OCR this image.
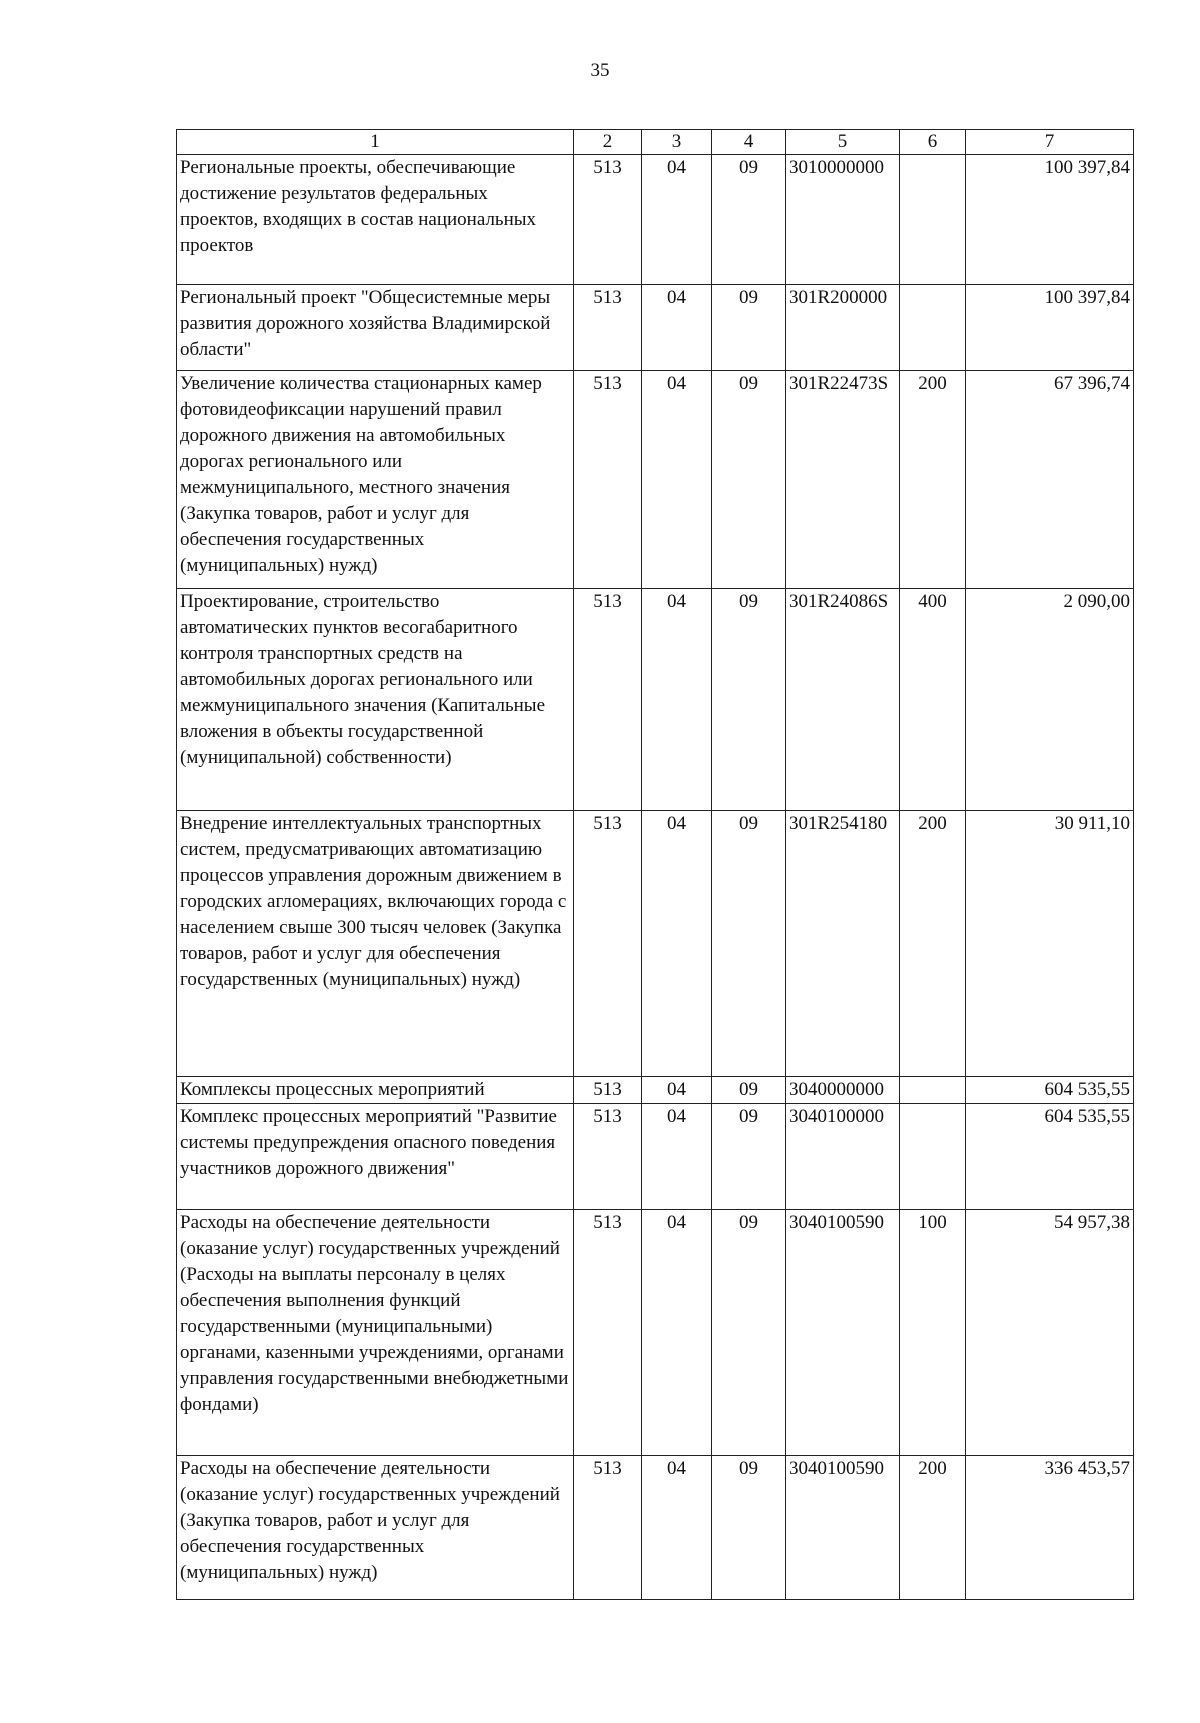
35
1	2	3	4	5	6	7
Региональные проекты, обеспечивающие достижение результатов федеральных проектов, входящих в состав национальных проектов	513	04	09	3010000000		100 397,84
Региональный проект "Общесистемные меры развития дорожного хозяйства Владимирской области"	513	04	09	301R200000		100 397,84
Увеличение количества стационарных камер фотовидеофиксации нарушений правил дорожного движения на автомобильных дорогах регионального или межмуниципального, местного значения (Закупка товаров, работ и услуг для обеспечения государственных (муниципальных) нужд)	513	04	09	301R22473S	200	67 396,74
Проектирование, строительство автоматических пунктов весогабаритного контроля транспортных средств на автомобильных дорогах регионального или межмуниципального значения (Капитальные вложения в объекты государственной (муниципальной) собственности)	513	04	09	301R24086S	400	2 090,00
Внедрение интеллектуальных транспортных систем, предусматривающих автоматизацию процессов управления дорожным движением в городских агломерациях, включающих города с населением свыше 300 тысяч человек (Закупка товаров, работ и услуг для обеспечения государственных (муниципальных) нужд)	513	04	09	301R254180	200	30 911,10
Комплексы процессных мероприятий	513	04	09	3040000000		604 535,55
Комплекс процессных мероприятий "Развитие системы предупреждения опасного поведения участников дорожного движения"	513	04	09	3040100000		604 535,55
Расходы на обеспечение деятельности (оказание услуг) государственных учреждений (Расходы на выплаты персоналу в целях обеспечения выполнения функций государственными (муниципальными) органами, казенными учреждениями, органами управления государственными внебюджетными фондами)	513	04	09	3040100590	100	54 957,38
Расходы на обеспечение деятельности (оказание услуг) государственных учреждений (Закупка товаров, работ и услуг для обеспечения государственных (муниципальных) нужд)	513	04	09	3040100590	200	336 453,57
